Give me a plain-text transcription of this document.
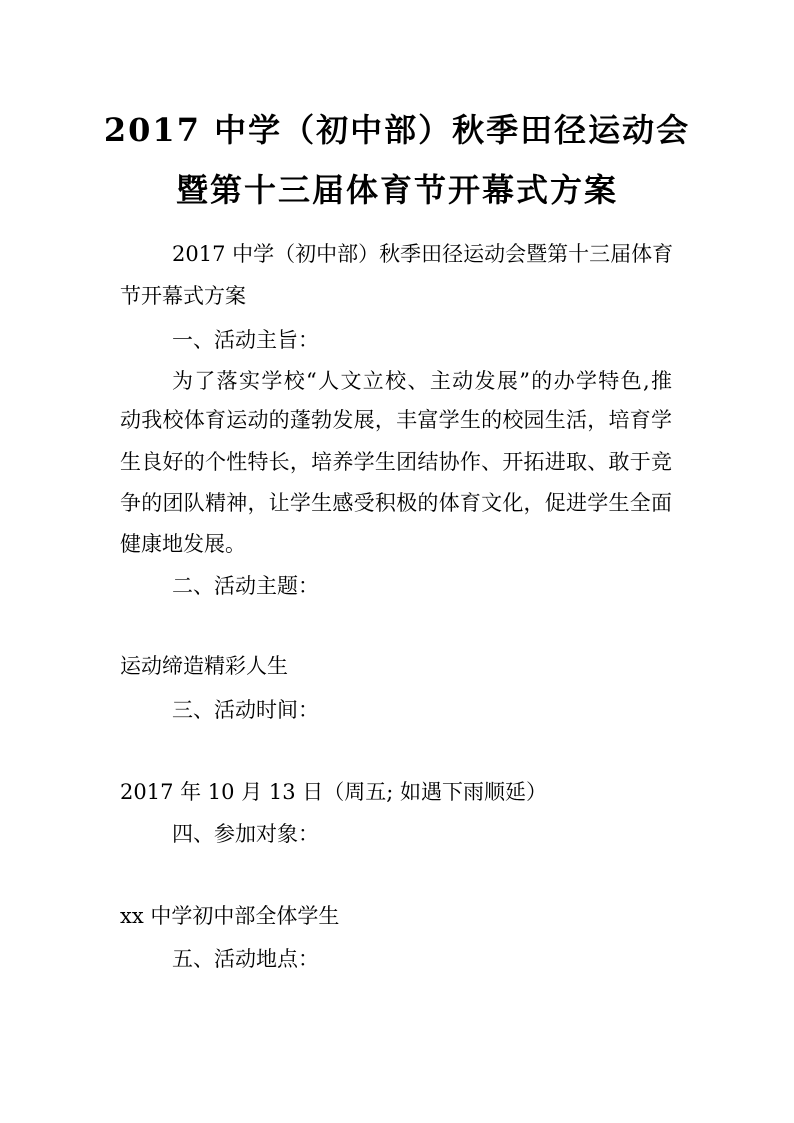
2017 中学（初中部）秋季田径运动会
暨第十三届体育节开幕式方案
2017 中学（初中部）秋季田径运动会暨第十三届体育
节开幕式方案
一、活动主旨：
为了落实学校“人文立校、主动发展”的办学特色,推
动我校体育运动的蓬勃发展，丰富学生的校园生活，培育学
生良好的个性特长，培养学生团结协作、开拓进取、敢于竞
争的团队精神，让学生感受积极的体育文化，促进学生全面
健康地发展。
二、活动主题：
运动缔造精彩人生
三、活动时间：
2017 年 10 月 13 日（周五; 如遇下雨顺延）
四、参加对象：
xx 中学初中部全体学生
五、活动地点：
